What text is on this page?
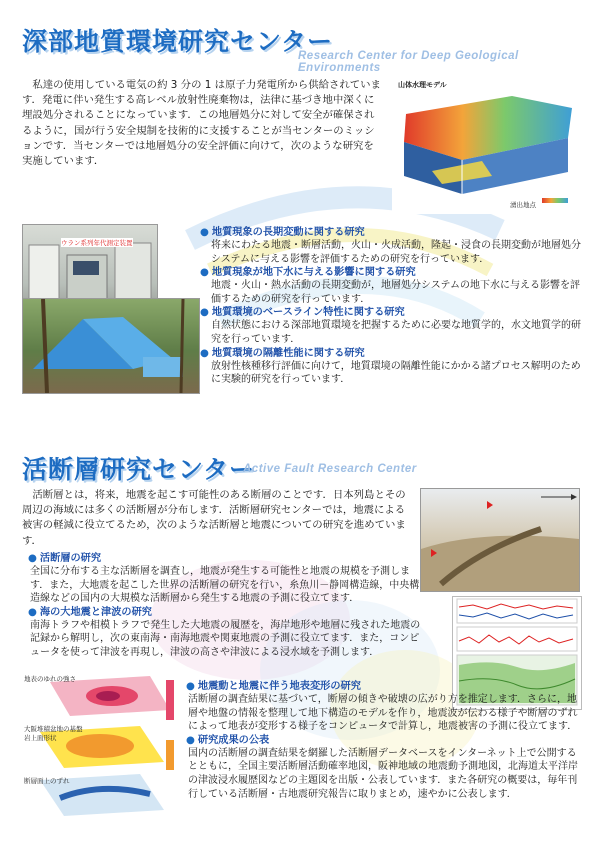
深部地質環境研究センター
Research Center for Deep Geological Environments
　私達の使用している電気の約 3 分の 1 は原子力発電所から供給されています．発電に伴い発生する高レベル放射性廃棄物は，法律に基づき地中深くに埋設処分されることになっています．この地層処分に対して安全が確保されるように，国が行う安全規制を技術的に支援することが当センターのミッションです．当センターでは地層処分の安全評価に向けて，次のような研究を実施しています．
山体水理モデル
湧出地点
ウラン系列年代測定装置
● 地質現象の長期変動に関する研究
将来にわたる地震・断層活動，火山・火成活動，隆起・浸食の長期変動が地層処分システムに与える影響を評価するための研究を行っています．
● 地質現象が地下水に与える影響に関する研究
地震・火山・熱水活動の長期変動が，地層処分システムの地下水に与える影響を評価するための研究を行っています．
● 地質環境のベースライン特性に関する研究
自然状態における深部地質環境を把握するために必要な地質学的，水文地質学的研究を行っています．
● 地質環境の隔離性能に関する研究
放射性核種移行評価に向けて，地質環境の隔離性能にかかる諸プロセス解明のために実験的研究を行っています．
活断層研究センター
Active Fault Research Center
　活断層とは，将来，地震を起こす可能性のある断層のことです．日本列島とその周辺の海域には多くの活断層が分布します．活断層研究センターでは，地震による被害の軽減に役立てるため，次のような活断層と地震についての研究を進めています．
● 活断層の研究
全国に分布する主な活断層を調査し，地震が発生する可能性と地震の規模を予測します．また，大地震を起こした世界の活断層の研究を行い，糸魚川－静岡構造線，中央構造線などの国内の大規模な活断層から発生する地震の予測に役立てます．
● 海の大地震と津波の研究
南海トラフや相模トラフで発生した大地震の履歴を，海岸地形や地層に残された地震の記録から解明し，次の東南海・南海地震や関東地震の予測に役立てます．また，コンピュータを使って津波を再現し，津波の高さや津波による浸水域を予測します．
地表のゆれの強さ
大阪堆積盆地の基盤岩上面形状
断層面上のずれ
● 地震動と地震に伴う地表変形の研究
活断層の調査結果に基づいて，断層の傾きや破壊の広がり方を推定します．さらに，地層や地盤の情報を整理して地下構造のモデルを作り，地震波が伝わる様子や断層のずれによって地表が変形する様子をコンピュータで計算し，地震被害の予測に役立てます．
● 研究成果の公表
国内の活断層の調査結果を網羅した活断層データベースをインターネット上で公開するとともに，全国主要活断層活動確率地図，阪神地域の地震動予測地図，北海道太平洋岸の津波浸水履歴図などの主題図を出版・公表しています．また各研究の概要は，毎年刊行している活断層・古地震研究報告に取りまとめ，速やかに公表します．
